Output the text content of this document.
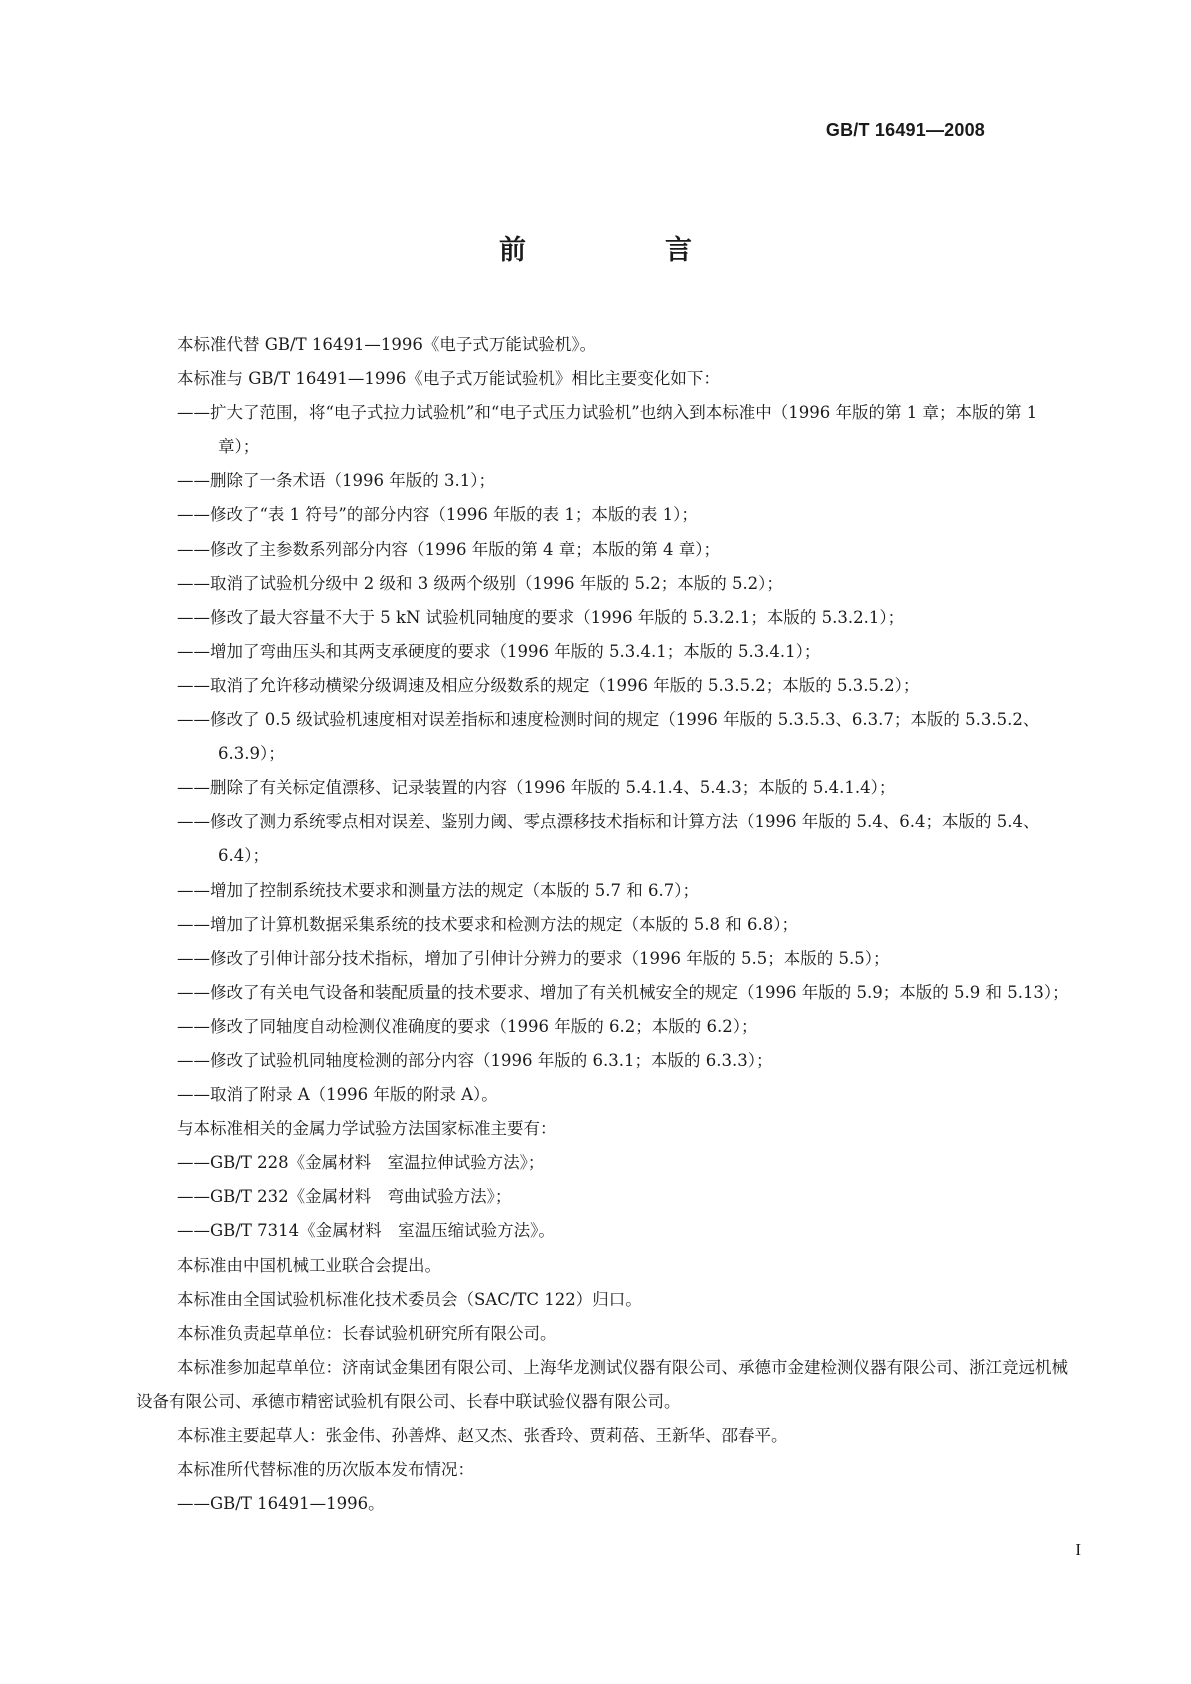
GB/T 16491—2008
前　言
本标准代替 GB/T 16491—1996《电子式万能试验机》。
本标准与 GB/T 16491—1996《电子式万能试验机》相比主要变化如下：
——扩大了范围，将“电子式拉力试验机”和“电子式压力试验机”也纳入到本标准中（1996 年版的第 1 章；本版的第 1 章）；
——删除了一条术语（1996 年版的 3.1）；
——修改了“表 1 符号”的部分内容（1996 年版的表 1；本版的表 1）；
——修改了主参数系列部分内容（1996 年版的第 4 章；本版的第 4 章）；
——取消了试验机分级中 2 级和 3 级两个级别（1996 年版的 5.2；本版的 5.2）；
——修改了最大容量不大于 5 kN 试验机同轴度的要求（1996 年版的 5.3.2.1；本版的 5.3.2.1）；
——增加了弯曲压头和其两支承硬度的要求（1996 年版的 5.3.4.1；本版的 5.3.4.1）；
——取消了允许移动横梁分级调速及相应分级数系的规定（1996 年版的 5.3.5.2；本版的 5.3.5.2）；
——修改了 0.5 级试验机速度相对误差指标和速度检测时间的规定（1996 年版的 5.3.5.3、6.3.7；本版的 5.3.5.2、6.3.9）；
——删除了有关标定值漂移、记录装置的内容（1996 年版的 5.4.1.4、5.4.3；本版的 5.4.1.4）；
——修改了测力系统零点相对误差、鉴别力阈、零点漂移技术指标和计算方法（1996 年版的 5.4、6.4；本版的 5.4、6.4）；
——增加了控制系统技术要求和测量方法的规定（本版的 5.7 和 6.7）；
——增加了计算机数据采集系统的技术要求和检测方法的规定（本版的 5.8 和 6.8）；
——修改了引伸计部分技术指标，增加了引伸计分辨力的要求（1996 年版的 5.5；本版的 5.5）；
——修改了有关电气设备和装配质量的技术要求、增加了有关机械安全的规定（1996 年版的 5.9；本版的 5.9 和 5.13）；
——修改了同轴度自动检测仪准确度的要求（1996 年版的 6.2；本版的 6.2）；
——修改了试验机同轴度检测的部分内容（1996 年版的 6.3.1；本版的 6.3.3）；
——取消了附录 A（1996 年版的附录 A）。
与本标准相关的金属力学试验方法国家标准主要有：
——GB/T 228《金属材料　室温拉伸试验方法》；
——GB/T 232《金属材料　弯曲试验方法》；
——GB/T 7314《金属材料　室温压缩试验方法》。
本标准由中国机械工业联合会提出。
本标准由全国试验机标准化技术委员会（SAC/TC 122）归口。
本标准负责起草单位：长春试验机研究所有限公司。
本标准参加起草单位：济南试金集团有限公司、上海华龙测试仪器有限公司、承德市金建检测仪器有限公司、浙江竞远机械设备有限公司、承德市精密试验机有限公司、长春中联试验仪器有限公司。
本标准主要起草人：张金伟、孙善烨、赵又杰、张香玲、贾莉蓓、王新华、邵春平。
本标准所代替标准的历次版本发布情况：
——GB/T 16491—1996。
I
